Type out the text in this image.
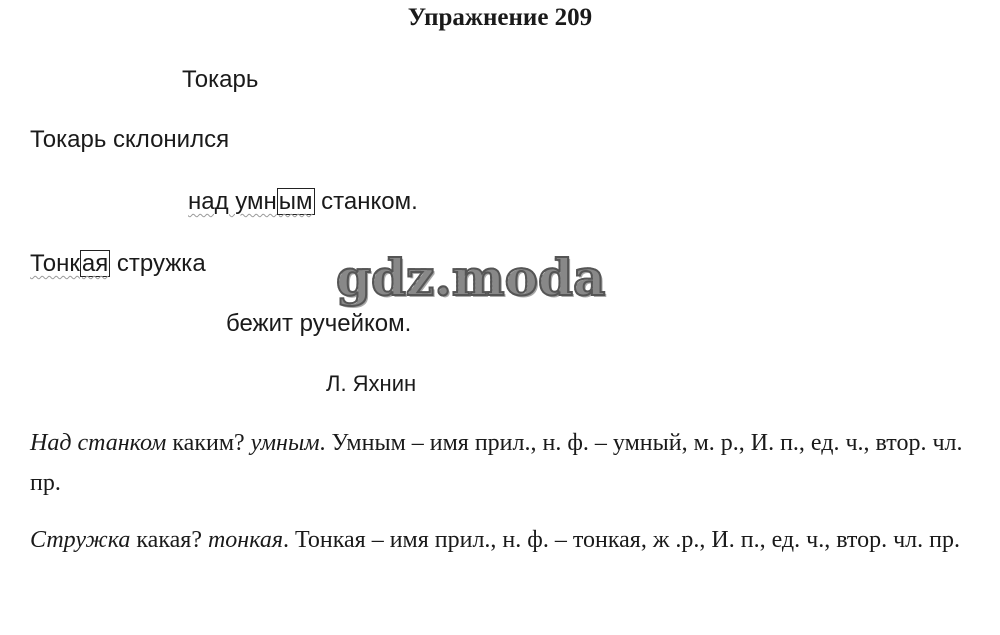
Упражнение 209
Токарь
Токарь склонился
над умным станком.
Тонкая стружка	gdz.moda
бежит ручейком.
Л. Яхнин
Над станком каким? умным. Умным – имя прил., н. ф. – умный, м. р., И. п., ед. ч., втор. чл. пр.
Стружка какая? тонкая. Тонкая – имя прил., н. ф. – тонкая, ж .р., И. п., ед. ч., втор. чл. пр.
